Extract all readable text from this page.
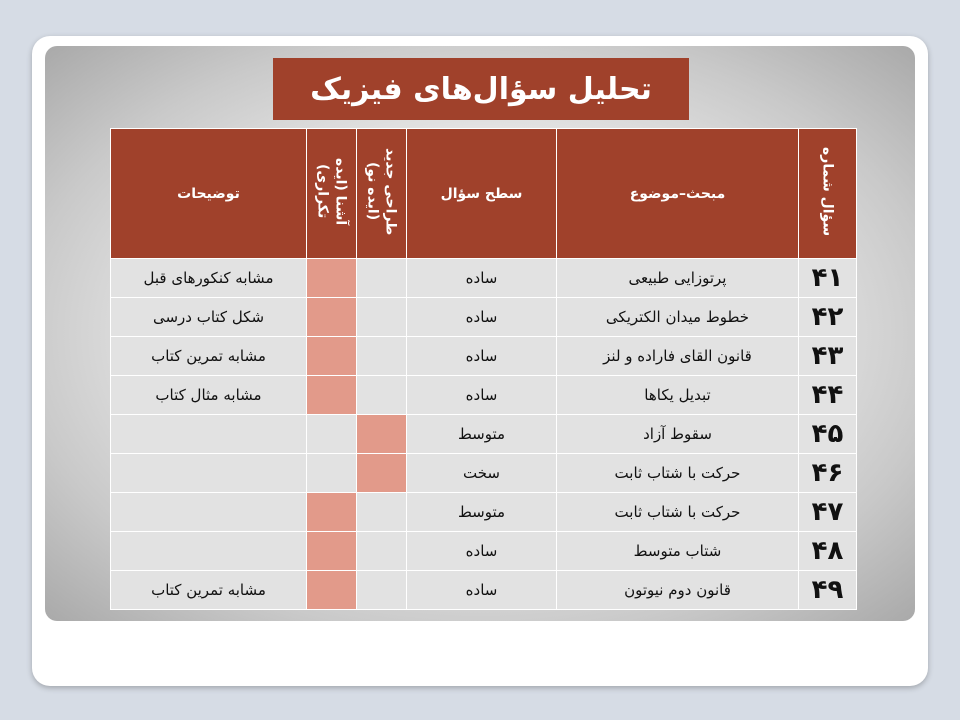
تحلیل سؤال‌های فیزیک
سؤال شماره	مبحث–موضوع	سطح سؤال	طراحی جدید (ایده نو)	آشنا (ایده تکراری)	توضیحات
۴۱	پرتوزایی طبیعی	ساده			مشابه کنکورهای قبل
۴۲	خطوط میدان الکتریکی	ساده			شکل کتاب درسی
۴۳	قانون القای فاراده و لنز	ساده			مشابه تمرین کتاب
۴۴	تبدیل یکاها	ساده			مشابه مثال کتاب
۴۵	سقوط آزاد	متوسط			
۴۶	حرکت با شتاب ثابت	سخت			
۴۷	حرکت با شتاب ثابت	متوسط			
۴۸	شتاب متوسط	ساده			
۴۹	قانون دوم نیوتون	ساده			مشابه تمرین کتاب
